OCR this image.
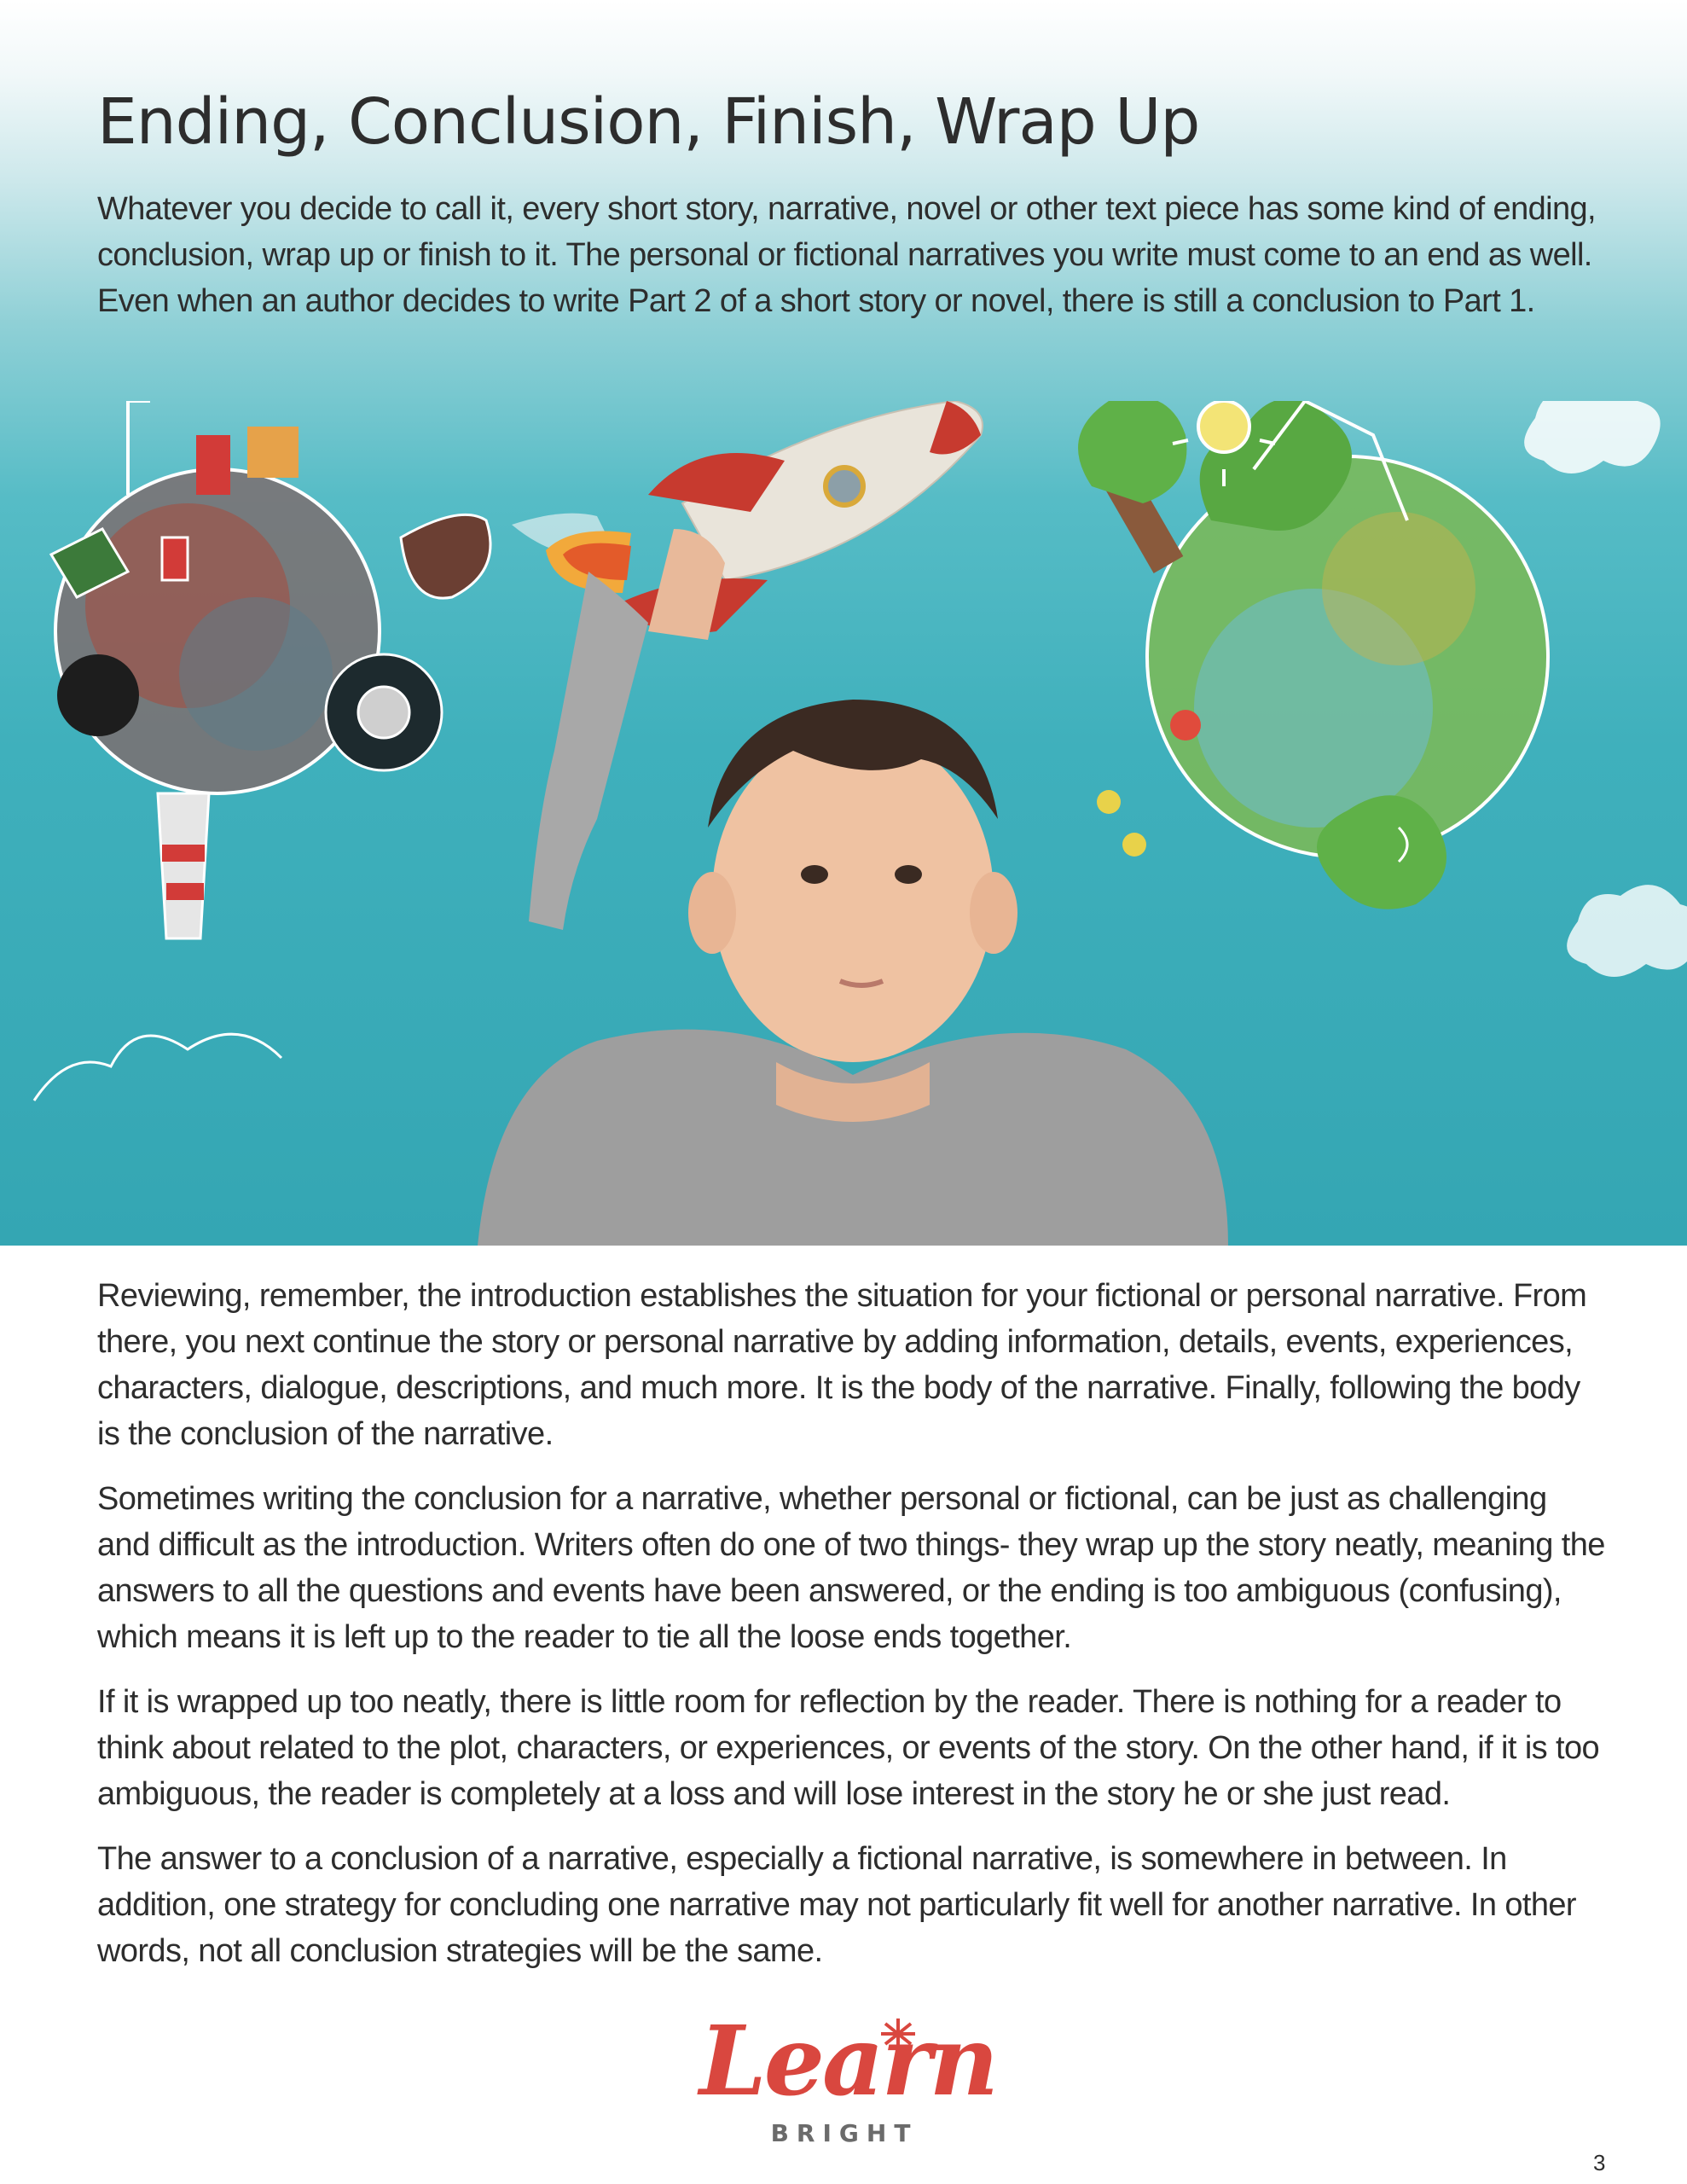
Ending, Conclusion, Finish, Wrap Up

Whatever you decide to call it, every short story, narrative, novel or other text piece has some kind of ending, conclusion, wrap up or finish to it. The personal or fictional narratives you write must come to an end as well. Even when an author decides to write Part 2 of a short story or novel, there is still a conclusion to Part 1.

Reviewing, remember, the introduction establishes the situation for your fictional or personal narrative. From there, you next continue the story or personal narrative by adding information, details, events, experiences, characters, dialogue, descriptions, and much more. It is the body of the narrative. Finally, following the body is the conclusion of the narrative.

Sometimes writing the conclusion for a narrative, whether personal or fictional, can be just as challenging and difficult as the introduction. Writers often do one of two things- they wrap up the story neatly, meaning the answers to all the questions and events have been answered, or the ending is too ambiguous (confusing), which means it is left up to the reader to tie all the loose ends together.

If it is wrapped up too neatly, there is little room for reflection by the reader. There is nothing for a reader to think about related to the plot, characters, or experiences, or events of the story. On the other hand, if it is too ambiguous, the reader is completely at a loss and will lose interest in the story he or she just read.

The answer to a conclusion of a narrative, especially a fictional narrative, is somewhere in between. In addition, one strategy for concluding one narrative may not particularly fit well for another narrative. In other words, not all conclusion strategies will be the same.

Learn
BRIGHT
3
